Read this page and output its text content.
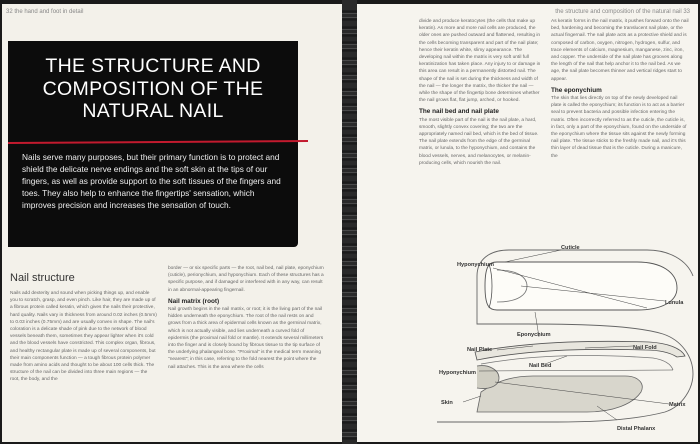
32 the hand and foot in detail
THE STRUCTURE AND COMPOSITION OF THE NATURAL NAIL

Nails serve many purposes, but their primary function is to protect and shield the delicate nerve endings and the soft skin at the tips of our fingers, as well as provide support to the soft tissues of the fingers and toes. They also help to enhance the fingertips' sensation, which improves precision and increases the sensation of touch.

Nail structure

Nails add dexterity and sound when picking things up, and enable you to scratch, grasp, and even pinch. Like hair, they are made up of a fibrous protein called keratin, which gives the nails their protective, hard quality. Nails vary in thickness from around 0.02 inches (0.5mm) to 0.03 inches (0.75mm) and are usually convex in shape. The nail's coloration is a delicate shade of pink due to the network of blood vessels beneath them, sometimes they appear lighter when it's cold and the blood vessels have constricted. This complex organ, fibrous, and healthy rectangular plate is made up of several components, but their main components function — a tough fibrous protein polymer made from amino acids and thought to be about 100 cells thick. The structure of the nail can be divided into three main regions — the root, the body, and the

border — or six specific parts — the root, nail bed, nail plate, eponychium (cuticle), perionychium, and hyponychium. Each of these structures has a specific purpose, and if damaged or interfered with in any way, can result in an abnormal-appearing fingernail.

Nail matrix (root)

Nail growth begins in the nail matrix, or root; it is the living part of the nail hidden underneath the eponychium. The root of the nail rests on and grows from a thick area of epidermal cells known as the germinal matrix, which is not actually visible, and lies underneath a curved fold of epidermis (the proximal nail fold or mantle). It extends several millimeters into the finger and is closely bound by fibrous tissue to the tip surface of the underlying phalangeal bone. "Proximal" is the medical term meaning "nearest"; in this case, referring to the fold nearest the point where the nail attaches. This is the area where the cells

the structure and composition of the natural nail 33

divide and produce keratocytes (the cells that make up keratin). As more and more nail cells are produced, the older ones are pushed outward and flattened, resulting in the cells becoming transparent and part of the nail plate; hence their keratin white, slimy appearance. The developing nail within the matrix is very soft until full keratinization has taken place. Any injury to or damage in this area can result in a permanently distorted nail. The shape of the nail is set during the thickness and width of the nail — the longer the matrix, the thicker the nail — while the shape of the fingertip bone determines whether the nail grows flat, flat jump, arched, or hooked.

The nail bed and nail plate

The most visible part of the nail is the nail plate, a hard, smooth, slightly convex covering; the two are the appropriately named nail bed, which is the bed of tissue. The nail plate extends from the edge of the germinal matrix, or lunula, to the hyponychium, and contains the blood vessels, nerves, and melanocytes, or melanin-producing cells, which nourish the nail.

As keratin forms in the nail matrix, it pushes forward onto the nail bed, hardening and becoming the translucent nail plate, or the actual fingernail. The nail plate acts as a protective shield and is composed of carbon, oxygen, nitrogen, hydrogen, sulfur, and trace elements of calcium, magnesium, manganese, zinc, iron, and copper. The underside of the nail plate has grooves along the length of the nail that help anchor it to the nail bed. As we age, the nail plate becomes thinner and vertical ridges start to appear.

The eponychium

The skin that lies directly on top of the newly developed nail plate is called the eponychium; its function is to act as a barrier seal to prevent bacteria and possible infection entering the matrix. Often incorrectly referred to as the cuticle, the cuticle is, in fact, only a part of the eponychium, found on the underside of the eponychium where the tissue sits against the newly forming nail plate. The tissue sticks to the freshly made nail, and it's this thin layer of dead tissue that is the cuticle. During a manicure, the

Cuticle
Hyponychium
Lunula
Eponychium
Nail Fold
Nail Plate
Nail Bed
Hyponychium
Matrix
Skin
Distal Phalanx
